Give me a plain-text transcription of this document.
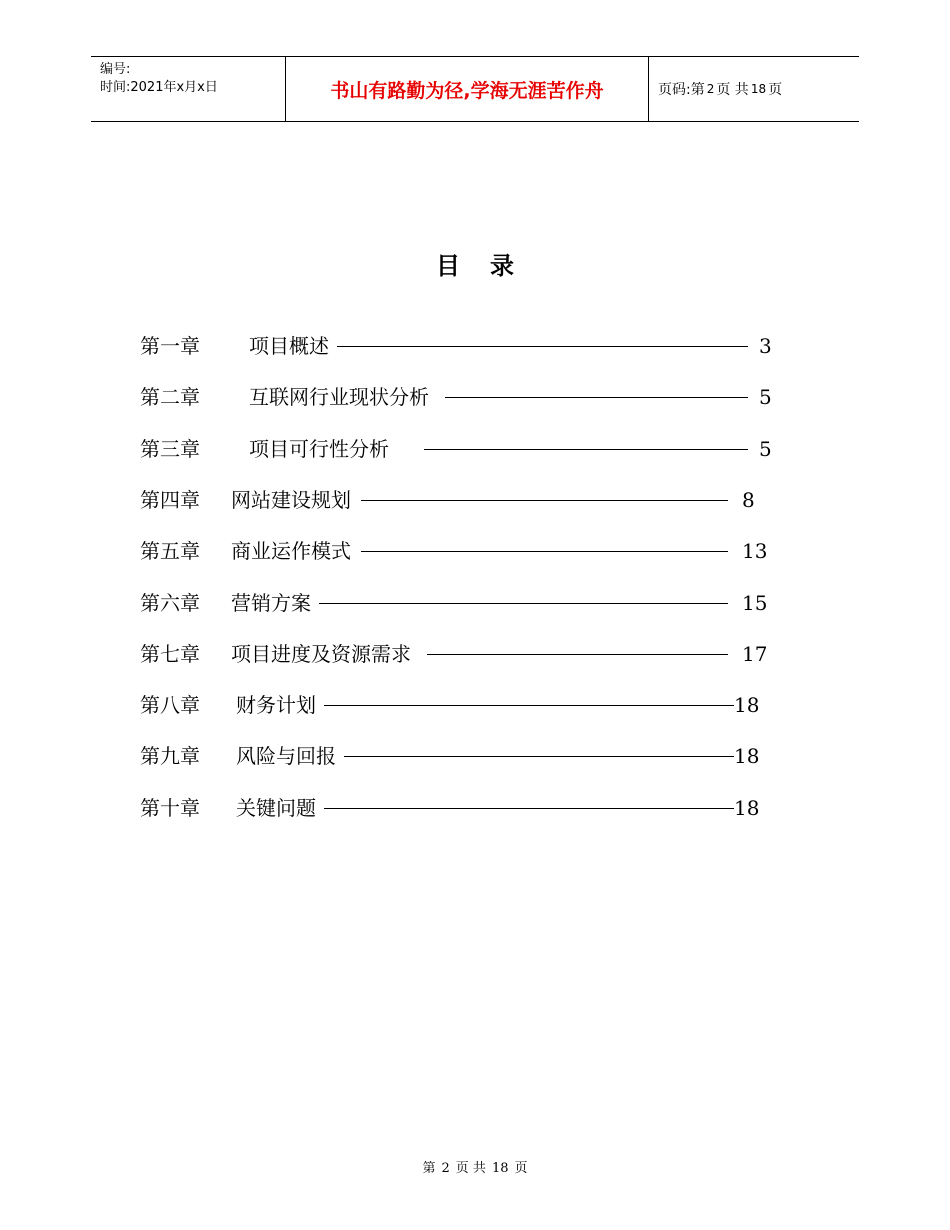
编号:
时间:2021年x月x日	书山有路勤为径,学海无涯苦作舟	页码:第 2 页 共 18 页
目 录
第一章 项目概述	3
第二章 互联网行业现状分析	5
第三章 项目可行性分析	5
第四章 网站建设规划	8
第五章 商业运作模式	13
第六章 营销方案	15
第七章 项目进度及资源需求	17
第八章 财务计划	18
第九章 风险与回报	18
第十章 关键问题	18
第 2 页 共 18 页
